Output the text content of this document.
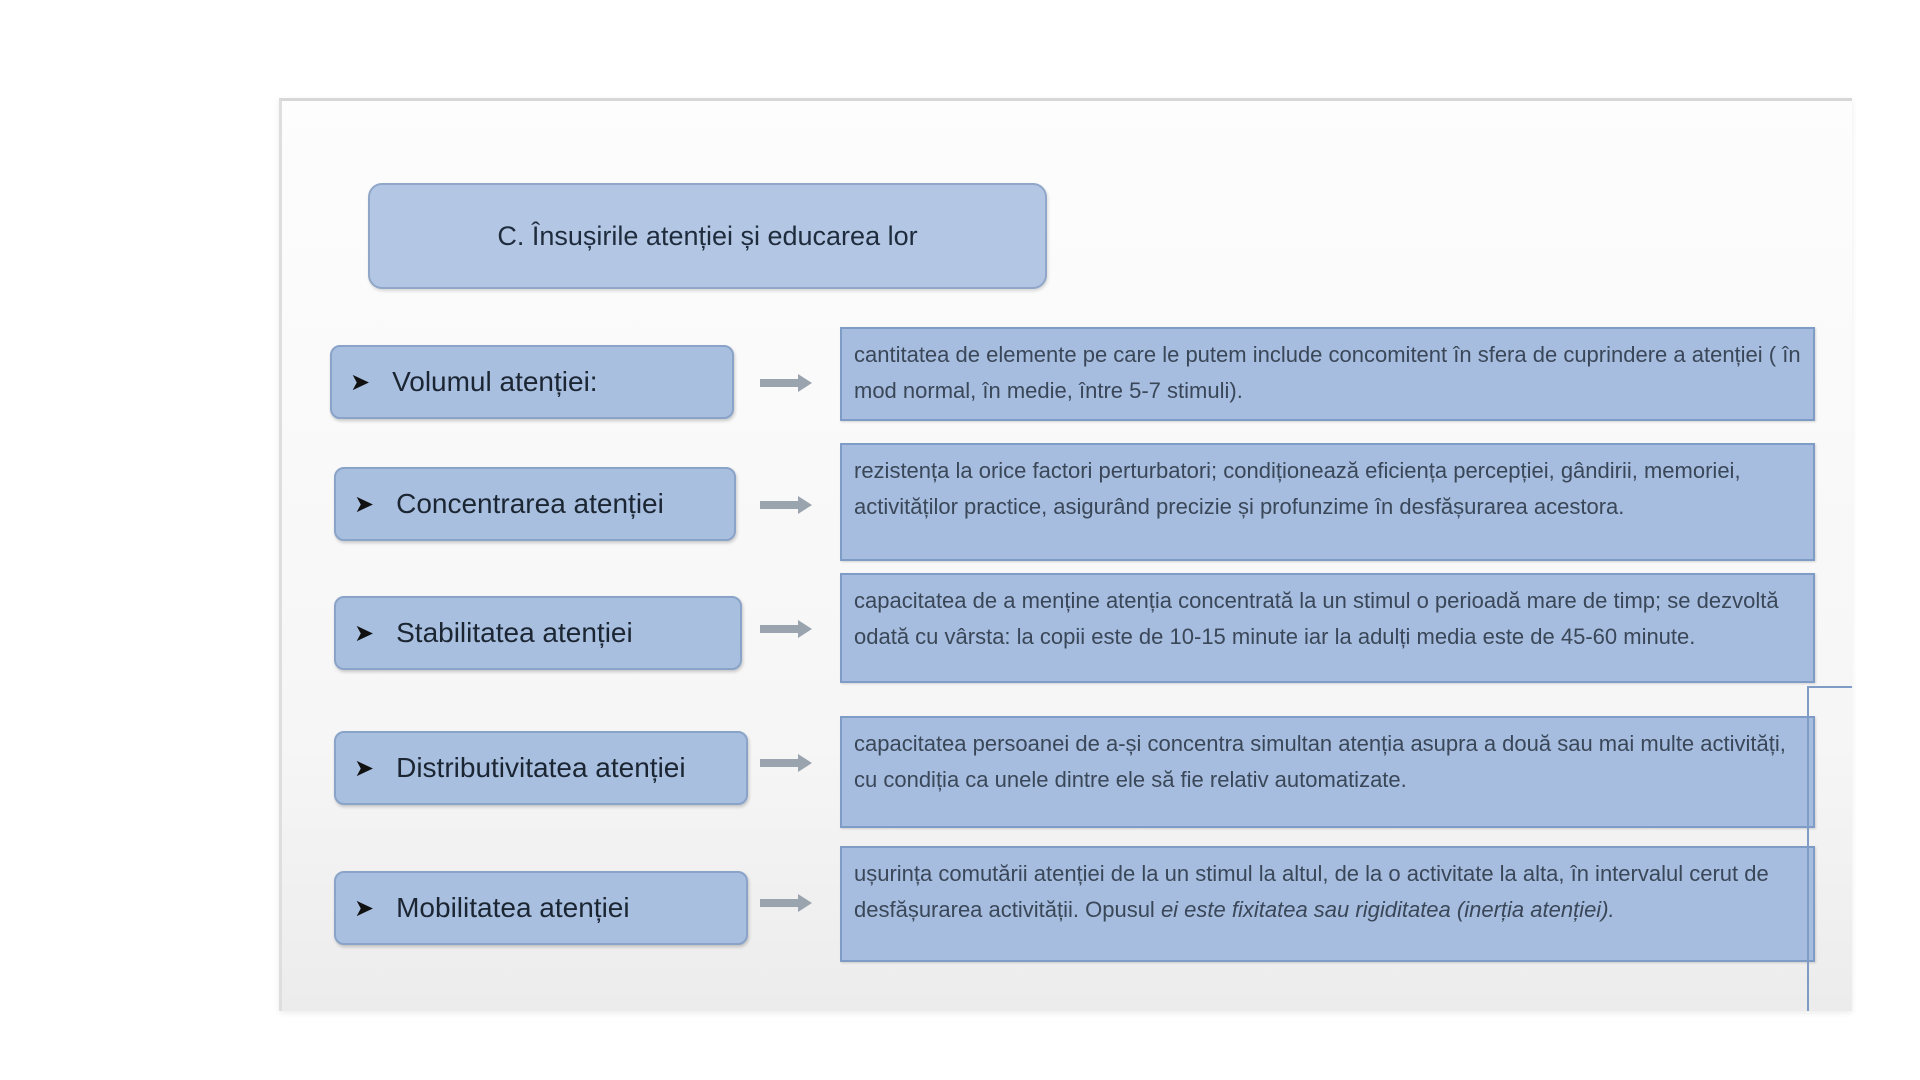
C. Însușirile atenției și educarea lor
➤ Volumul atenției:
cantitatea de elemente pe care le putem include concomitent în sfera de cuprindere a atenției ( în mod normal, în medie, între 5-7 stimuli).
➤ Concentrarea atenției
rezistența la orice factori perturbatori; condiționează eficiența percepției, gândirii, memoriei, activităților practice, asigurând precizie și profunzime în desfășurarea acestora.
➤ Stabilitatea atenției
capacitatea de a menține atenția concentrată la un stimul o perioadă mare de timp; se dezvoltă odată cu vârsta: la copii este de 10-15 minute iar la adulți media este de 45-60 minute.
➤ Distributivitatea atenției
capacitatea persoanei de a-și concentra simultan atenția asupra a două sau mai multe activități, cu condiția ca unele dintre ele să fie relativ automatizate.
➤ Mobilitatea atenției
ușurința comutării atenției de la un stimul la altul, de la o activitate la alta, în intervalul cerut de desfășurarea activității. Opusul ei este fixitatea sau rigiditatea (inerția atenției).
